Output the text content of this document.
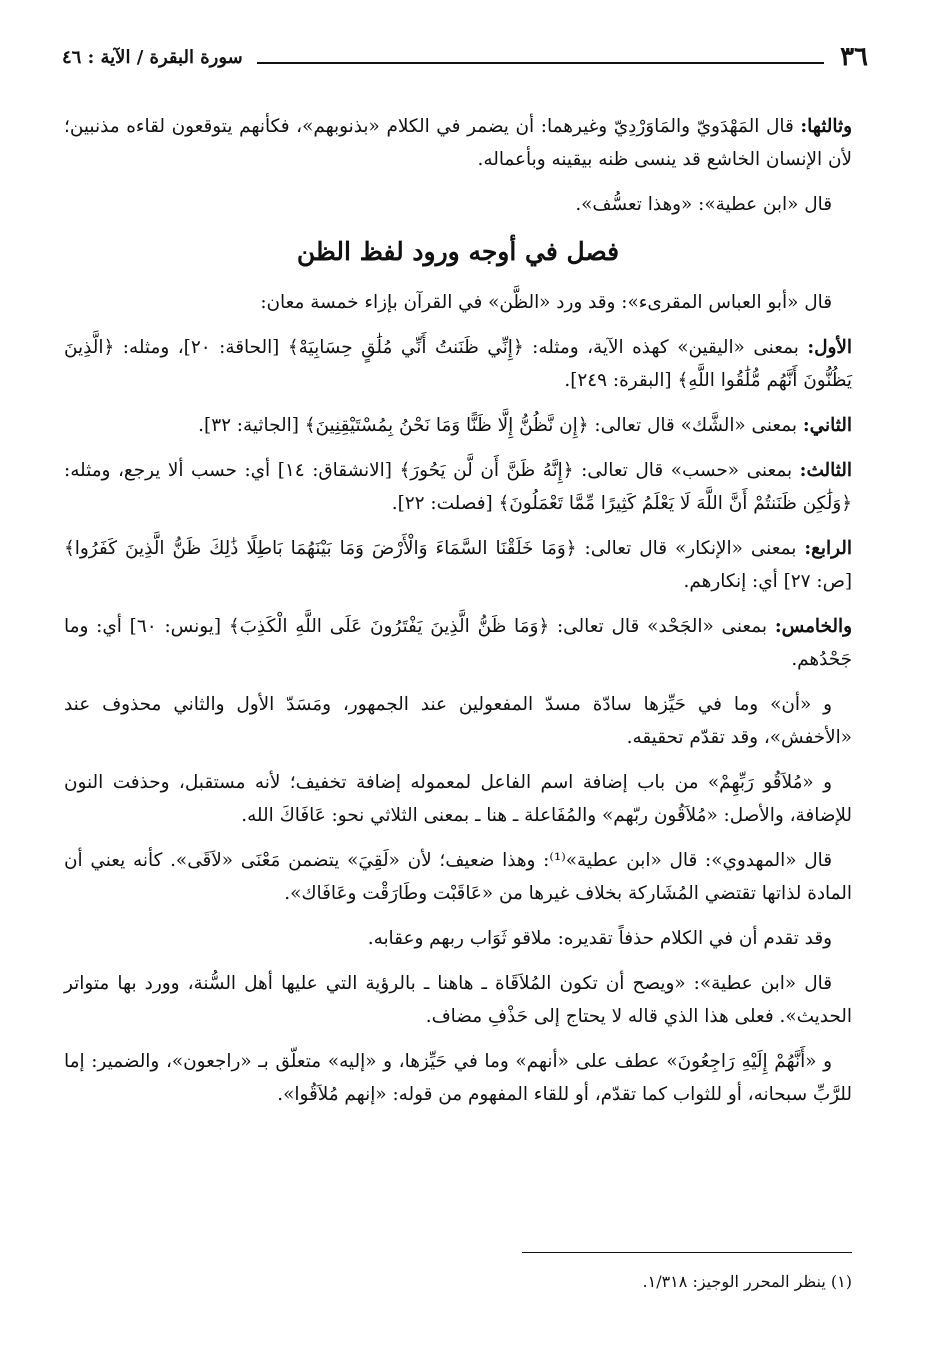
٣٦
سورة البقرة / الآية : ٤٦

وثالثها: قال المَهْدَويّ والمَاوَرْدِيّ وغيرهما: أن يضمر في الكلام «بذنوبهم»، فكأنهم يتوقعون لقاءه مذنبين؛ لأن الإنسان الخاشع قد ينسى ظنه بيقينه وبأعماله.

قال «ابن عطية»: «وهذا تعسُّف».

فصل في أوجه ورود لفظ الظن

قال «أبو العباس المقرىء»: وقد ورد «الظَّن» في القرآن بإزاء خمسة معان:

الأول: بمعنى «اليقين» كهذه الآية، ومثله: ﴿إِنِّي ظَنَنتُ أَنِّي مُلَٰقٍ حِسَابِيَهْ﴾ [الحاقة: ٢٠]، ومثله: ﴿الَّذِينَ يَظُنُّونَ أَنَّهُم مُّلَٰقُوا اللَّهِ﴾ [البقرة: ٢٤٩].

الثاني: بمعنى «الشَّك» قال تعالى: ﴿إِن نَّظُنُّ إِلَّا ظَنًّا وَمَا نَحْنُ بِمُسْتَيْقِنِينَ﴾ [الجاثية: ٣٢].

الثالث: بمعنى «حسب» قال تعالى: ﴿إِنَّهُ ظَنَّ أَن لَّن يَحُورَ﴾ [الانشقاق: ١٤] أي: حسب ألا يرجع، ومثله: ﴿وَلَٰكِن ظَنَنتُمْ أَنَّ اللَّهَ لَا يَعْلَمُ كَثِيرًا مِّمَّا تَعْمَلُونَ﴾ [فصلت: ٢٢].

الرابع: بمعنى «الإنكار» قال تعالى: ﴿وَمَا خَلَقْنَا السَّمَاءَ وَالْأَرْضَ وَمَا بَيْنَهُمَا بَاطِلًا ذَٰلِكَ ظَنُّ الَّذِينَ كَفَرُوا﴾ [ص: ٢٧] أي: إنكارهم.

والخامس: بمعنى «الجَحْد» قال تعالى: ﴿وَمَا ظَنُّ الَّذِينَ يَفْتَرُونَ عَلَى اللَّهِ الْكَذِبَ﴾ [يونس: ٦٠] أي: وما جَحْدُهم.

و «أن» وما في حَيِّزها سادّة مسدّ المفعولين عند الجمهور، ومَسَدّ الأول والثاني محذوف عند «الأخفش»، وقد تقدّم تحقيقه.

و «مُلاَقُو رَبِّهِمْ» من باب إضافة اسم الفاعل لمعموله إضافة تخفيف؛ لأنه مستقبل، وحذفت النون للإضافة، والأصل: «مُلاَقُون ربّهم» والمُفَاعلة ـ هنا ـ بمعنى الثلاثي نحو: عَافَاكَ الله.

قال «المهدوي»: قال «ابن عطية»⁽¹⁾: وهذا ضعيف؛ لأن «لَقِيَ» يتضمن مَعْنَى «لاَقَى». كأنه يعني أن المادة لذاتها تقتضي المُشَاركة بخلاف غيرها من «عَاقَبْت وطَارَقْت وعَافَاك».

وقد تقدم أن في الكلام حذفاً تقديره: ملاقو ثَوَاب ربهم وعقابه.

قال «ابن عطية»: «ويصح أن تكون المُلاَقَاة ـ هاهنا ـ بالرؤية التي عليها أهل السُّنة، وورد بها متواتر الحديث». فعلى هذا الذي قاله لا يحتاج إلى حَذْفِ مضاف.

و «أَنَّهُمْ إِلَيْهِ رَاجِعُونَ» عطف على «أنهم» وما في حَيِّزها، و «إليه» متعلّق بـ «راجعون»، والضمير: إما للرَّبِّ سبحانه، أو للثواب كما تقدّم، أو للقاء المفهوم من قوله: «إنهم مُلاَقُوا».

(١) ينظر المحرر الوجيز: ١/٣١٨.
